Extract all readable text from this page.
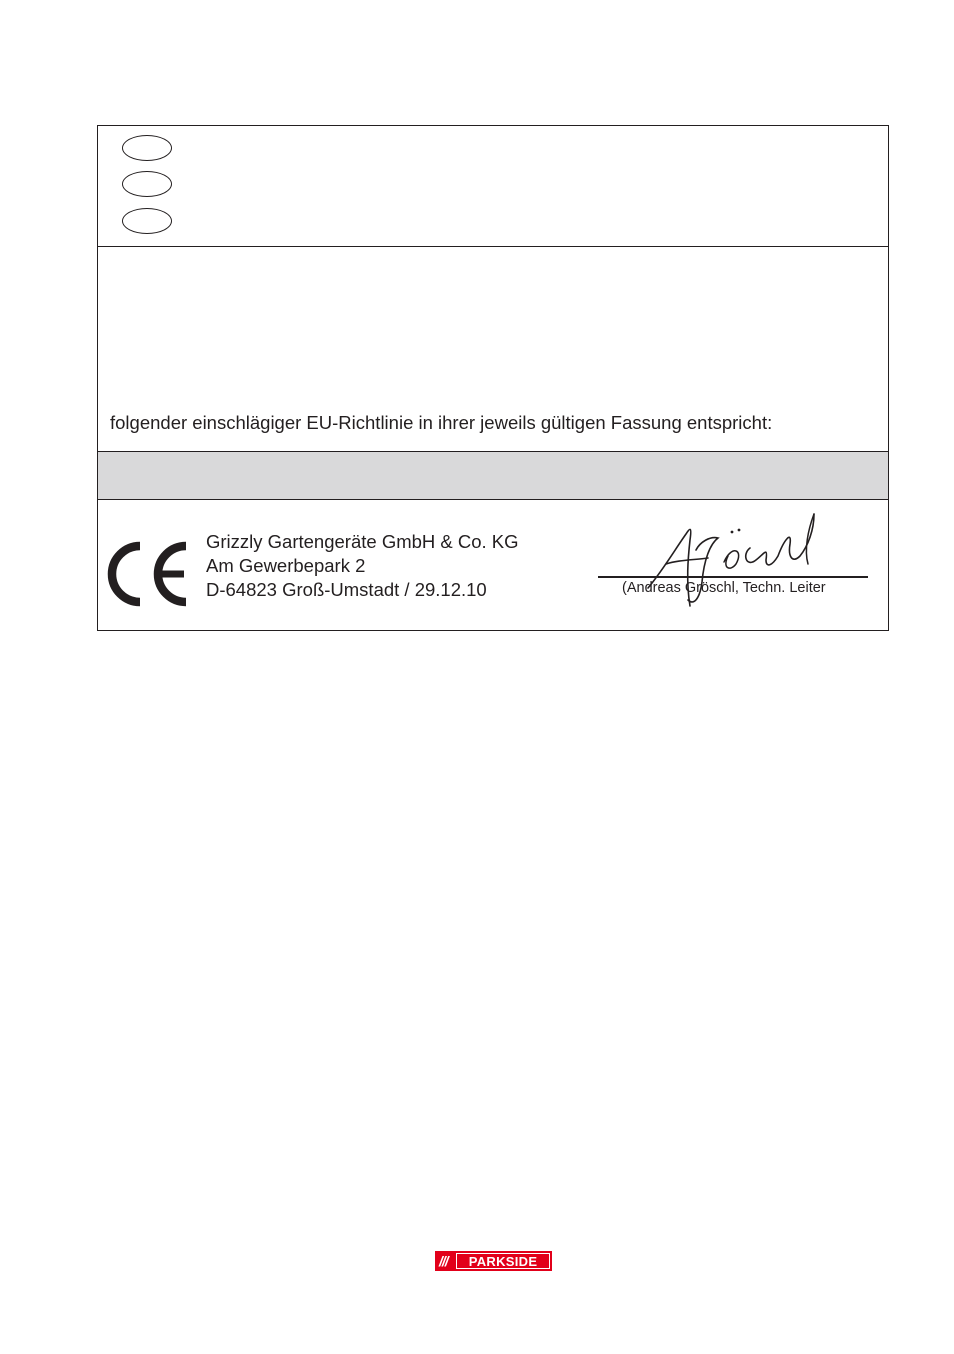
folgender einschlägiger EU-Richtlinie in ihrer jeweils gültigen Fassung entspricht:
Grizzly Gartengeräte GmbH & Co. KG
Am Gewerbepark 2
D-64823 Groß-Umstadt / 29.12.10	(Andreas Gröschl, Techn. Leiter
/// PARKSIDE
